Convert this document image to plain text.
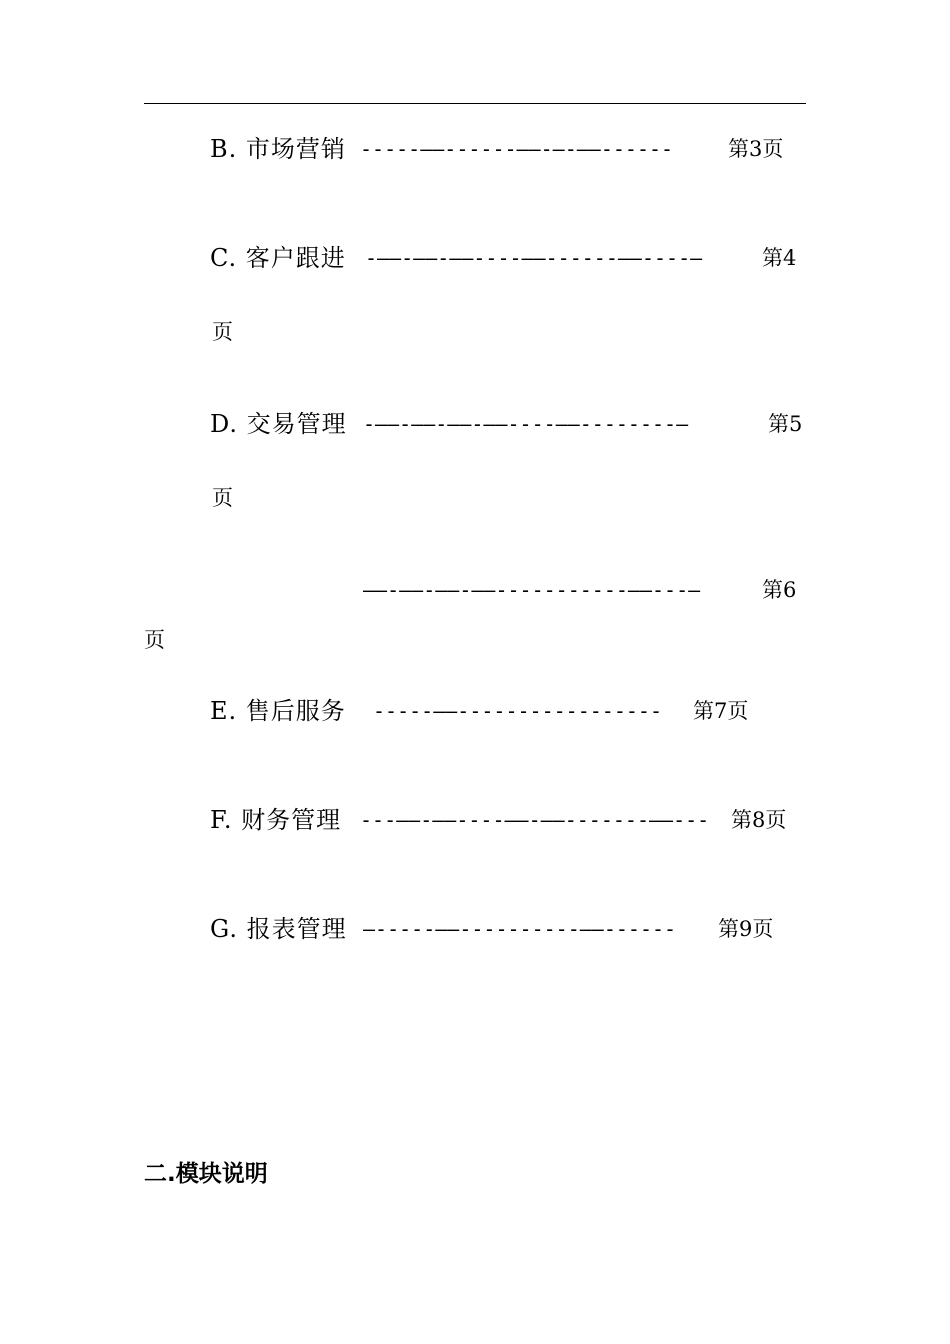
B. 市场营销 -----——------——-—-——------	第3页
C. 客户跟进 -——-——-——----——------——----—	第4
页
D. 交易管理 -——-——-——-——----——--------—	第5
页
——-——-——-——-----------——---—	第6
页
E. 售后服务 -----——----------------- 第7页
F. 财务管理 ---——-——----——-——-------——--- 第8页
G. 报表管理 —-----——----------——------ 第9页
二.模块说明
